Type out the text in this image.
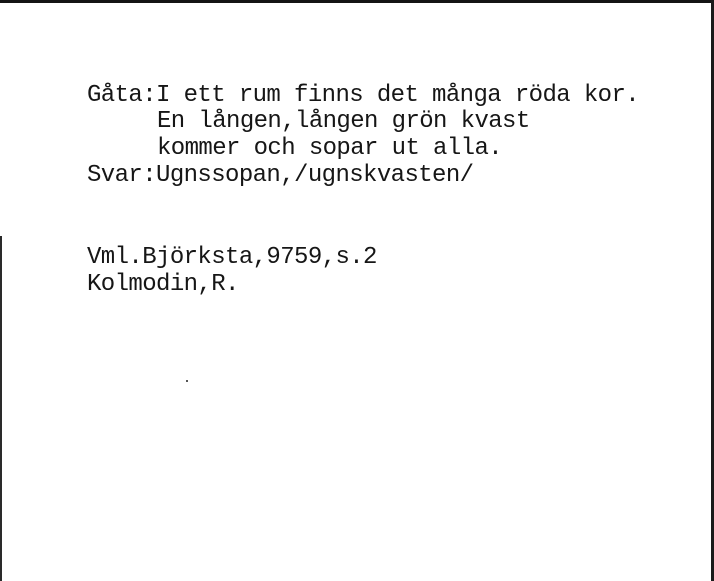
Gåta:I ett rum finns det många röda kor.
En lången,lången grön kvast
kommer och sopar ut alla.
Svar:Ugnssopan,/ugnskvasten/
Vml.Björksta,9759,s.2
Kolmodin,R.
